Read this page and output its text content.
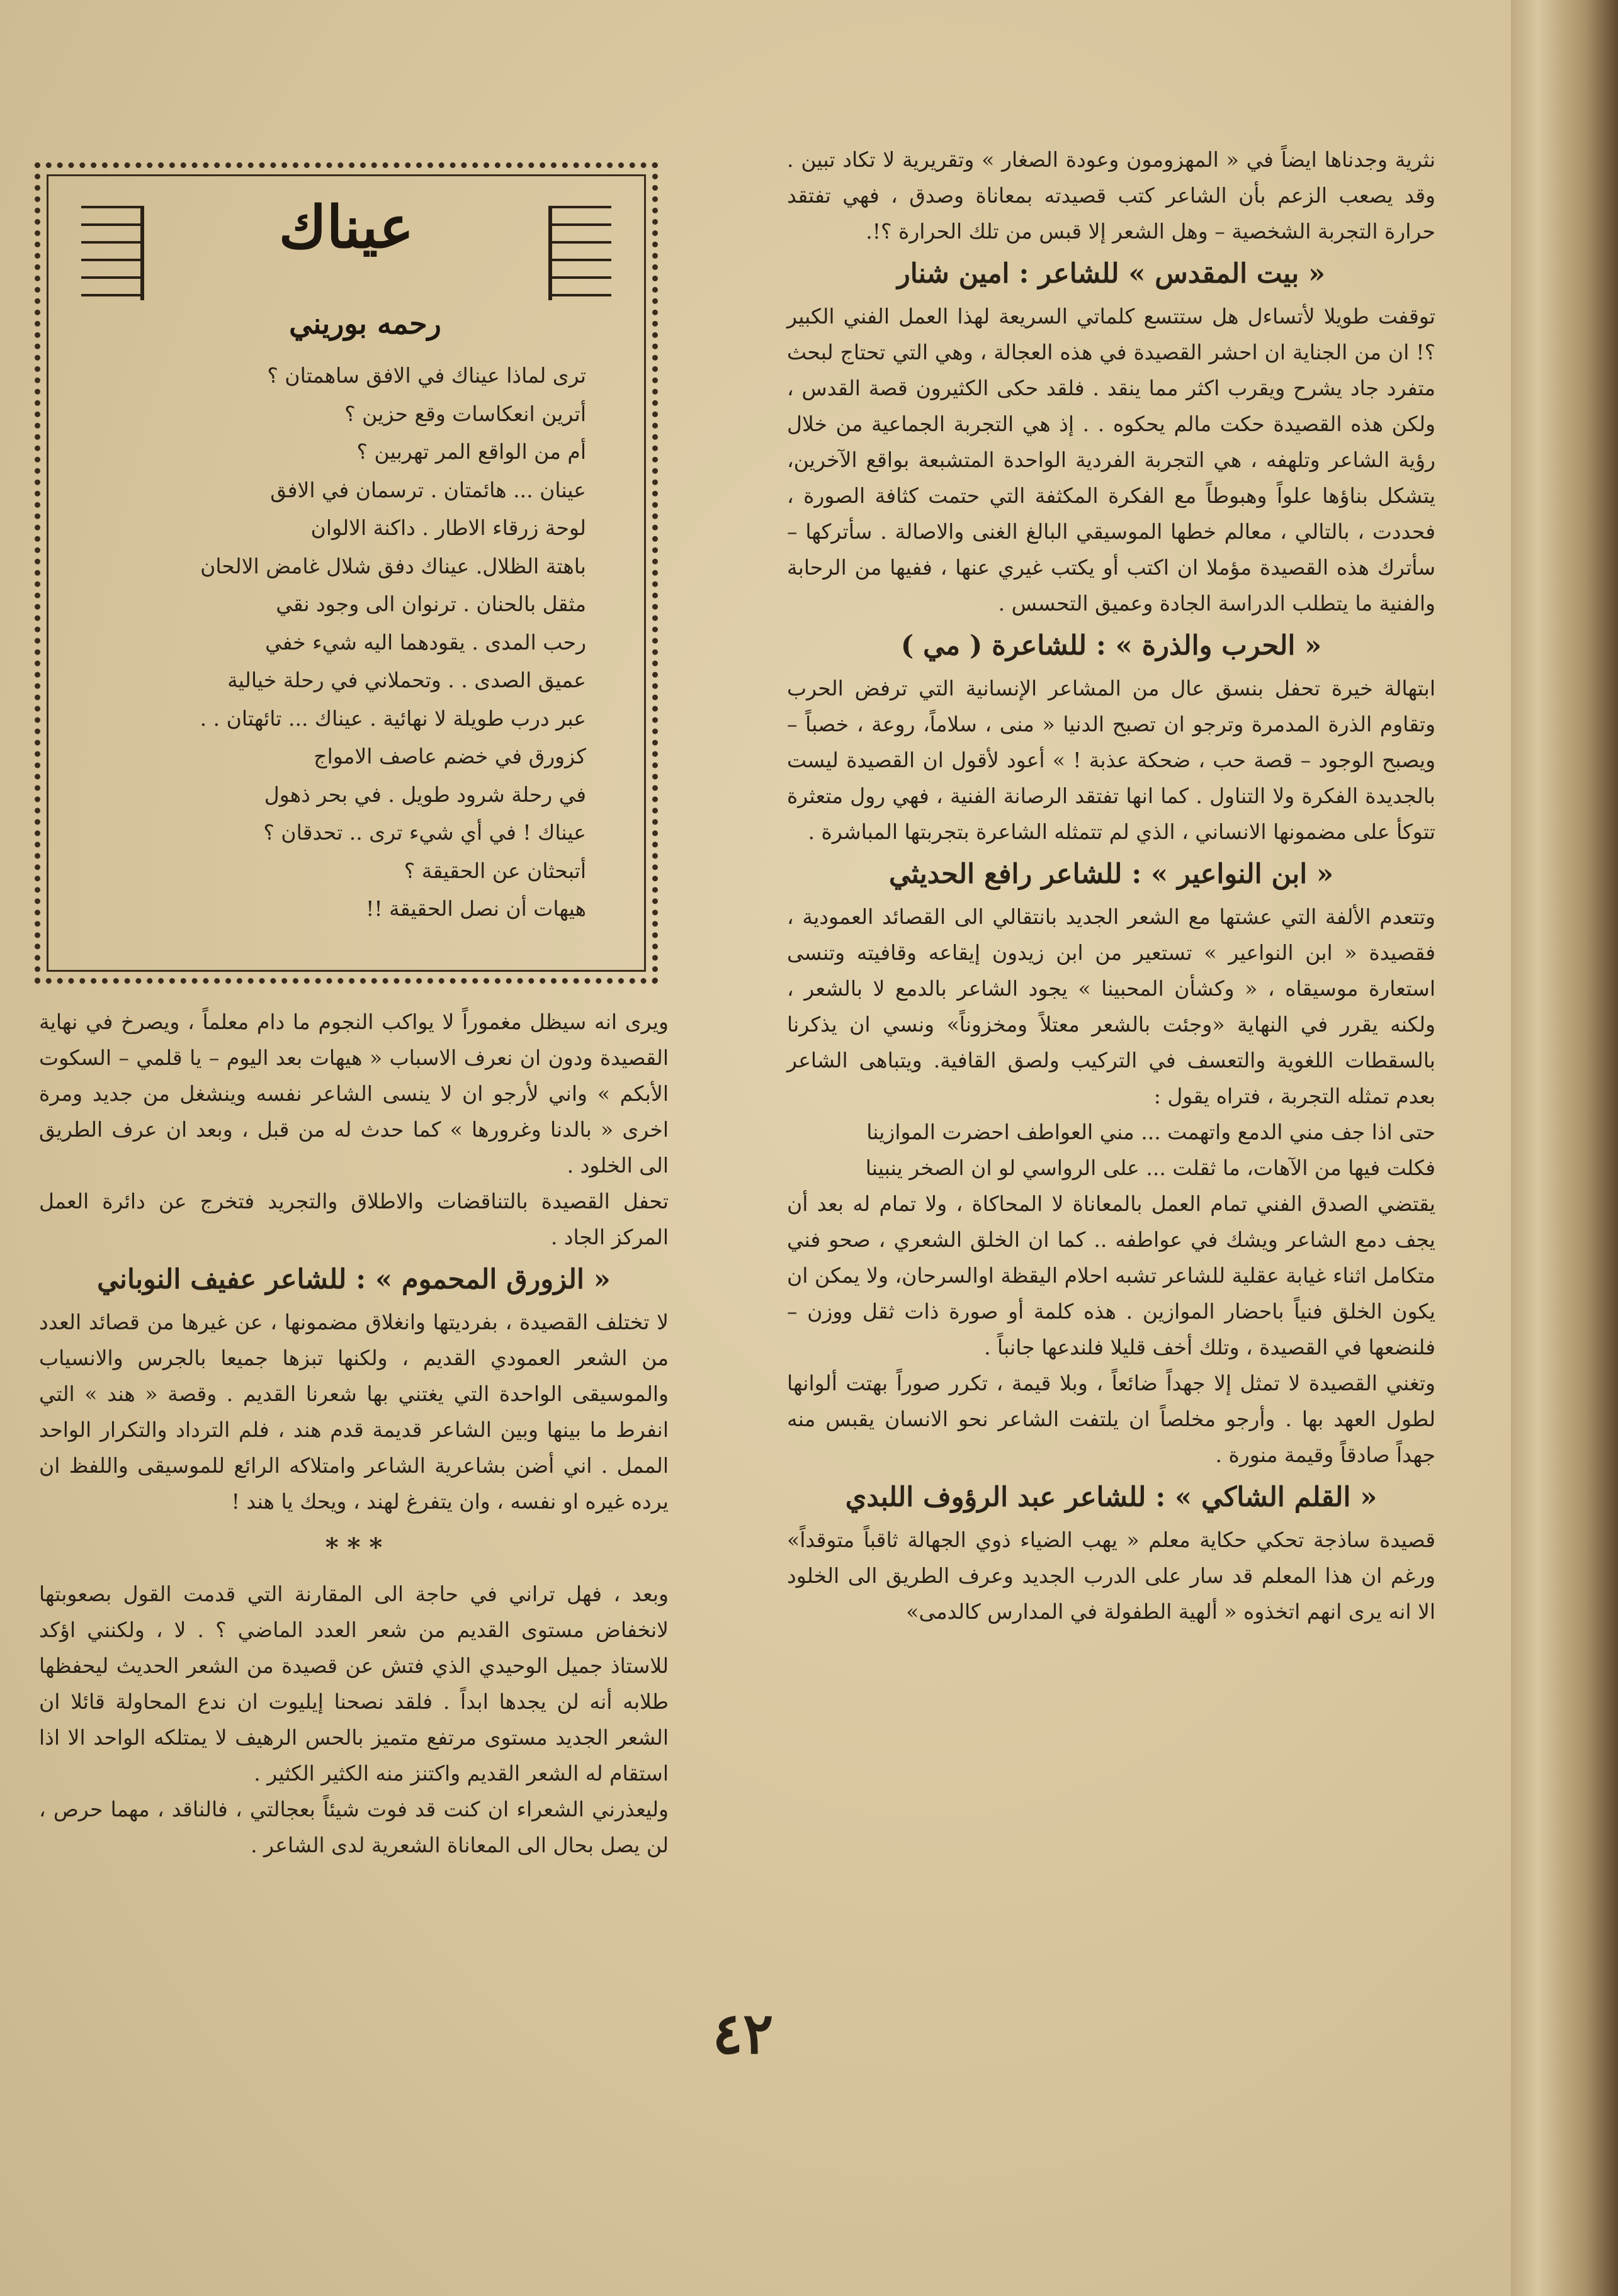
عيناك
رحمه بوريني
ترى لماذا عيناك في الافق ساهمتان ؟
أترين انعكاسات وقع حزين ؟
أم من الواقع المر تهربين ؟
عينان ... هائمتان . ترسمان في الافق
لوحة زرقاء الاطار . داكنة الالوان
باهتة الظلال. عيناك دفق شلال غامض الالحان
مثقل بالحنان . ترنوان الى وجود نقي
رحب المدى . يقودهما اليه شيء خفي
عميق الصدى . . وتحملاني في رحلة خيالية
عبر درب طويلة لا نهائية . عيناك ... تائهتان . .
كزورق في خضم عاصف الامواج
في رحلة شرود طويل . في بحر ذهول
عيناك ! في أي شيء ترى .. تحدقان ؟
أتبحثان عن الحقيقة ؟
هيهات أن نصل الحقيقة !!

نثرية وجدناها ايضاً في « المهزومون وعودة الصغار » وتقريرية لا تكاد تبين . وقد يصعب الزعم بأن الشاعر كتب قصيدته بمعاناة وصدق ، فهي تفتقد حرارة التجربة الشخصية – وهل الشعر إلا قبس من تلك الحرارة ؟!.

« بيت المقدس » للشاعر : امين شنار

توقفت طويلا لأتساءل هل ستتسع كلماتي السريعة لهذا العمل الفني الكبير ؟! ان من الجناية ان احشر القصيدة في هذه العجالة ، وهي التي تحتاج لبحث متفرد جاد يشرح ويقرب اكثر مما ينقد . فلقد حكى الكثيرون قصة القدس ، ولكن هذه القصيدة حكت مالم يحكوه . . إذ هي التجربة الجماعية من خلال رؤية الشاعر وتلهفه ، هي التجربة الفردية الواحدة المتشبعة بواقع الآخرين، يتشكل بناؤها علواً وهبوطاً مع الفكرة المكثفة التي حتمت كثافة الصورة ، فحددت ، بالتالي ، معالم خطها الموسيقي البالغ الغنى والاصالة . سأتركها – سأترك هذه القصيدة مؤملا ان اكتب أو يكتب غيري عنها ، ففيها من الرحابة والفنية ما يتطلب الدراسة الجادة وعميق التحسس .

« الحرب والذرة » : للشاعرة ( مي )

ابتهالة خيرة تحفل بنسق عال من المشاعر الإنسانية التي ترفض الحرب وتقاوم الذرة المدمرة وترجو ان تصبح الدنيا « منى ، سلاماً، روعة ، خصباً – ويصبح الوجود – قصة حب ، ضحكة عذبة ! » أعود لأقول ان القصيدة ليست بالجديدة الفكرة ولا التناول . كما انها تفتقد الرصانة الفنية ، فهي رول متعثرة تتوكأ على مضمونها الانساني ، الذي لم تتمثله الشاعرة بتجربتها المباشرة .

« ابن النواعير » : للشاعر رافع الحديثي

وتتعدم الألفة التي عشتها مع الشعر الجديد بانتقالي الى القصائد العمودية ، فقصيدة « ابن النواعير » تستعير من ابن زيدون إيقاعه وقافيته وتنسى استعارة موسيقاه ، « وكشأن المحبينا » يجود الشاعر بالدمع لا بالشعر ، ولكنه يقرر في النهاية «وجئت بالشعر معتلاً ومخزوناً» ونسي ان يذكرنا بالسقطات اللغوية والتعسف في التركيب ولصق القافية. ويتباهى الشاعر بعدم تمثله التجربة ، فتراه يقول :

حتى اذا جف مني الدمع واتهمت ... مني العواطف احضرت الموازينا

فكلت فيها من الآهات، ما ثقلت ... على الرواسي لو ان الصخر ينبينا

يقتضي الصدق الفني تمام العمل بالمعاناة لا المحاكاة ، ولا تمام له بعد أن يجف دمع الشاعر ويشك في عواطفه .. كما ان الخلق الشعري ، صحو فني متكامل اثناء غيابة عقلية للشاعر تشبه احلام اليقظة اوالسرحان، ولا يمكن ان يكون الخلق فنياً باحضار الموازين . هذه كلمة أو صورة ذات ثقل ووزن – فلنضعها في القصيدة ، وتلك أخف قليلا فلندعها جانباً .

وتغني القصيدة لا تمثل إلا جهداً ضائعاً ، وبلا قيمة ، تكرر صوراً بهتت ألوانها لطول العهد بها . وأرجو مخلصاً ان يلتفت الشاعر نحو الانسان يقبس منه جهداً صادقاً وقيمة منورة .

« القلم الشاكي » : للشاعر عبد الرؤوف اللبدي

قصيدة ساذجة تحكي حكاية معلم « يهب الضياء ذوي الجهالة ثاقباً متوقداً» ورغم ان هذا المعلم قد سار على الدرب الجديد وعرف الطريق الى الخلود الا انه يرى انهم اتخذوه « ألهية الطفولة في المدارس كالدمى»

ويرى انه سيظل مغموراً لا يواكب النجوم ما دام معلماً ، ويصرخ في نهاية القصيدة ودون ان نعرف الاسباب « هيهات بعد اليوم – يا قلمي – السكوت الأبكم » واني لأرجو ان لا ينسى الشاعر نفسه وينشغل من جديد ومرة اخرى « بالدنا وغرورها » كما حدث له من قبل ، وبعد ان عرف الطريق الى الخلود .

تحفل القصيدة بالتناقضات والاطلاق والتجريد فتخرج عن دائرة العمل المركز الجاد .

« الزورق المحموم » : للشاعر عفيف النوباني

لا تختلف القصيدة ، بفرديتها وانغلاق مضمونها ، عن غيرها من قصائد العدد من الشعر العمودي القديم ، ولكنها تبزها جميعا بالجرس والانسياب والموسيقى الواحدة التي يغتني بها شعرنا القديم . وقصة « هند » التي انفرط ما بينها وبين الشاعر قديمة قدم هند ، فلم الترداد والتكرار الواحد الممل . اني أضن بشاعرية الشاعر وامتلاكه الرائع للموسيقى واللفظ ان يرده غيره او نفسه ، وان يتفرغ لهند ، ويحك يا هند !

* * *

وبعد ، فهل تراني في حاجة الى المقارنة التي قدمت القول بصعوبتها لانخفاض مستوى القديم من شعر العدد الماضي ؟ . لا ، ولكنني اؤكد للاستاذ جميل الوحيدي الذي فتش عن قصيدة من الشعر الحديث ليحفظها طلابه أنه لن يجدها ابداً . فلقد نصحنا إيليوت ان ندع المحاولة قائلا ان الشعر الجديد مستوى مرتفع متميز بالحس الرهيف لا يمتلكه الواحد الا اذا استقام له الشعر القديم واكتنز منه الكثير الكثير .

وليعذرني الشعراء ان كنت قد فوت شيئاً بعجالتي ، فالناقد ، مهما حرص ، لن يصل بحال الى المعاناة الشعرية لدى الشاعر .

٤٢
